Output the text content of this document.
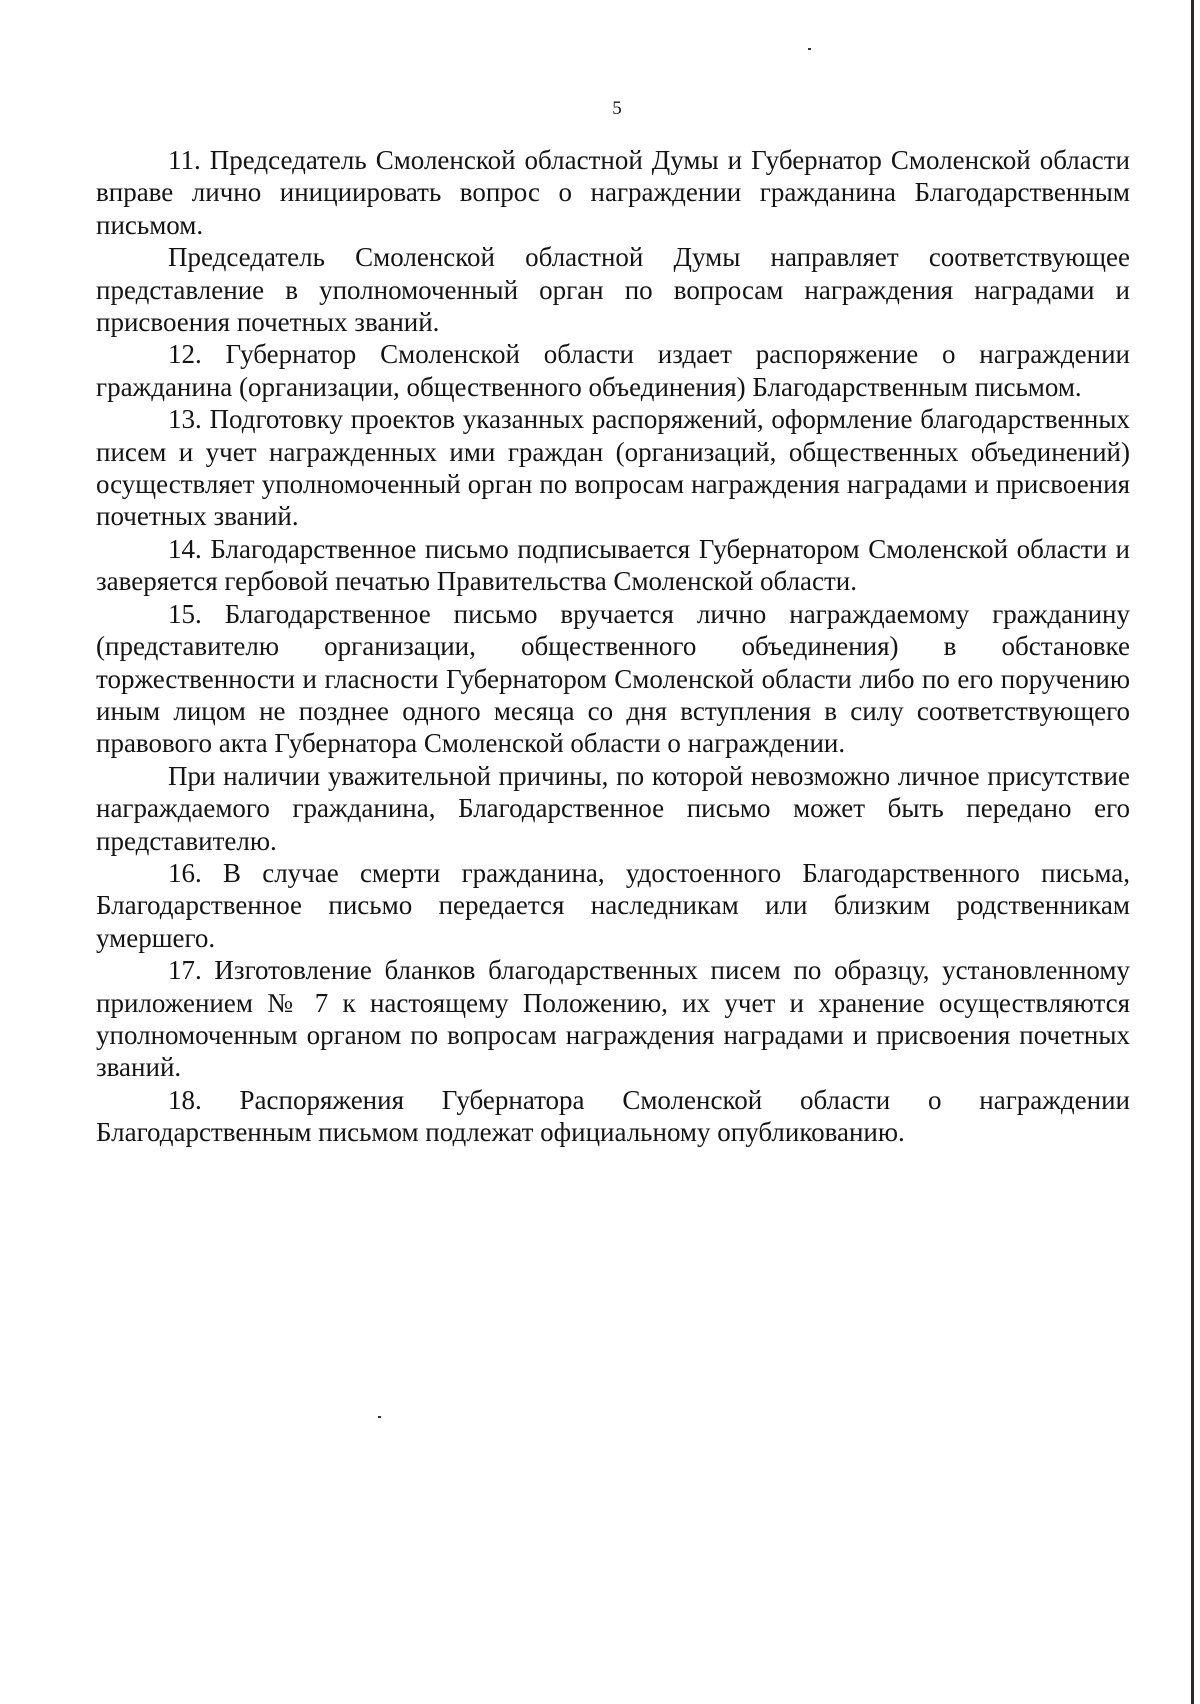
5

11. Председатель Смоленской областной Думы и Губернатор Смоленской области вправе лично инициировать вопрос о награждении гражданина Благодарственным письмом.

Председатель Смоленской областной Думы направляет соответствующее представление в уполномоченный орган по вопросам награждения наградами и присвоения почетных званий.

12. Губернатор Смоленской области издает распоряжение о награждении гражданина (организации, общественного объединения) Благодарственным письмом.

13. Подготовку проектов указанных распоряжений, оформление благодарственных писем и учет награжденных ими граждан (организаций, общественных объединений) осуществляет уполномоченный орган по вопросам награждения наградами и присвоения почетных званий.

14. Благодарственное письмо подписывается Губернатором Смоленской области и заверяется гербовой печатью Правительства Смоленской области.

15. Благодарственное письмо вручается лично награждаемому гражданину (представителю организации, общественного объединения) в обстановке торжественности и гласности Губернатором Смоленской области либо по его поручению иным лицом не позднее одного месяца со дня вступления в силу соответствующего правового акта Губернатора Смоленской области о награждении.

При наличии уважительной причины, по которой невозможно личное присутствие награждаемого гражданина, Благодарственное письмо может быть передано его представителю.

16. В случае смерти гражданина, удостоенного Благодарственного письма, Благодарственное письмо передается наследникам или близким родственникам умершего.

17. Изготовление бланков благодарственных писем по образцу, установленному приложением № 7 к настоящему Положению, их учет и хранение осуществляются уполномоченным органом по вопросам награждения наградами и присвоения почетных званий.

18. Распоряжения Губернатора Смоленской области о награждении Благодарственным письмом подлежат официальному опубликованию.
